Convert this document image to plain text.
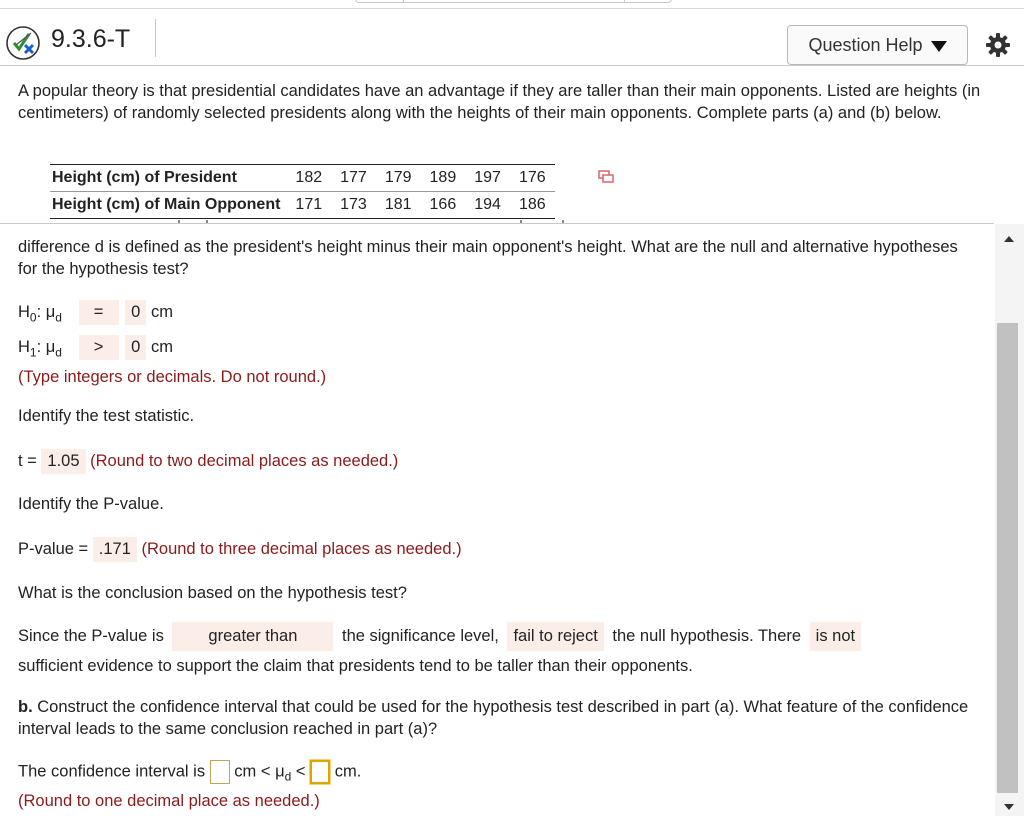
9.3.6-T	Question Help
A popular theory is that presidential candidates have an advantage if they are taller than their main opponents. Listed are heights (in centimeters) of randomly selected presidents along with the heights of their main opponents. Complete parts (a) and (b) below.
Height (cm) of President	182	177	179	189	197	176
Height (cm) of Main Opponent	171	173	181	166	194	186
difference d is defined as the president's height minus their main opponent's height. What are the null and alternative hypotheses for the hypothesis test?
$H_0$: $\mu_d = 0$ cm
$H_1$: $\mu_d > 0$ cm
(Type integers or decimals. Do not round.)
Identify the test statistic.
t = 1.05 (Round to two decimal places as needed.)
Identify the P-value.
P-value = .171 (Round to three decimal places as needed.)
What is the conclusion based on the hypothesis test?
Since the P-value is	greater than	the significance level, fail to reject the null hypothesis. There is not
sufficient evidence to support the claim that presidents tend to be taller than their opponents.
b. Construct the confidence interval that could be used for the hypothesis test described in part (a). What feature of the confidence interval leads to the same conclusion reached in part (a)?
The confidence interval is cm < $\mu_d$ < cm.
(Round to one decimal place as needed.)
